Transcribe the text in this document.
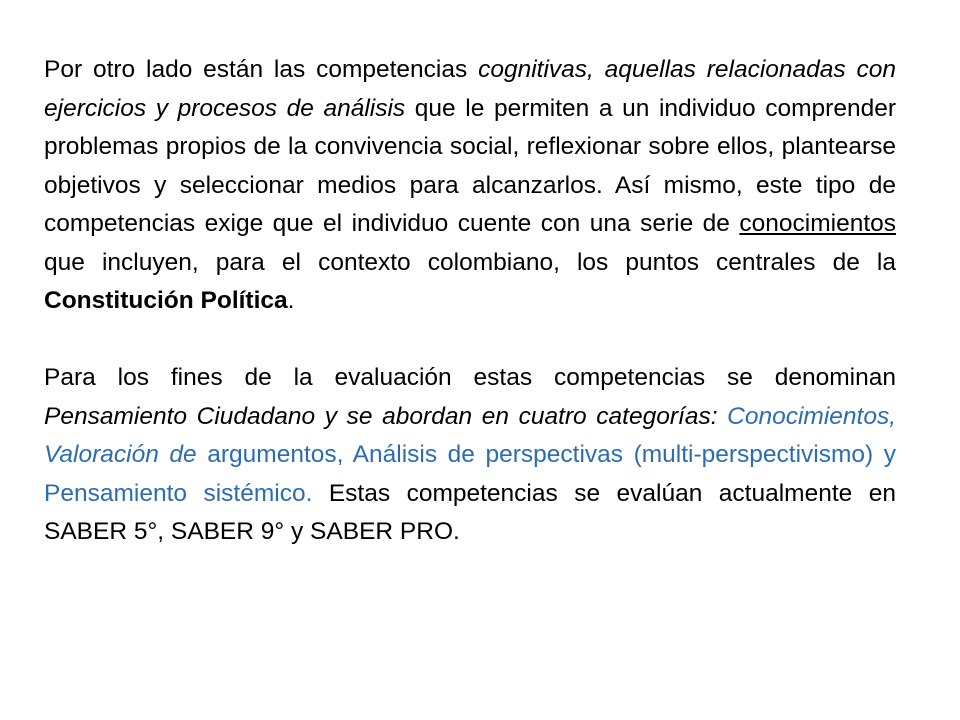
Por otro lado están las competencias cognitivas, aquellas relacionadas con ejercicios y procesos de análisis que le permiten a un individuo comprender problemas propios de la convivencia social, reflexionar sobre ellos, plantearse objetivos y seleccionar medios para alcanzarlos. Así mismo, este tipo de competencias exige que el individuo cuente con una serie de conocimientos que incluyen, para el contexto colombiano, los puntos centrales de la Constitución Política.

Para los fines de la evaluación estas competencias se denominan Pensamiento Ciudadano y se abordan en cuatro categorías: Conocimientos, Valoración de argumentos, Análisis de perspectivas (multi-perspectivismo) y Pensamiento sistémico. Estas competencias se evalúan actualmente en SABER 5°, SABER 9° y SABER PRO.
